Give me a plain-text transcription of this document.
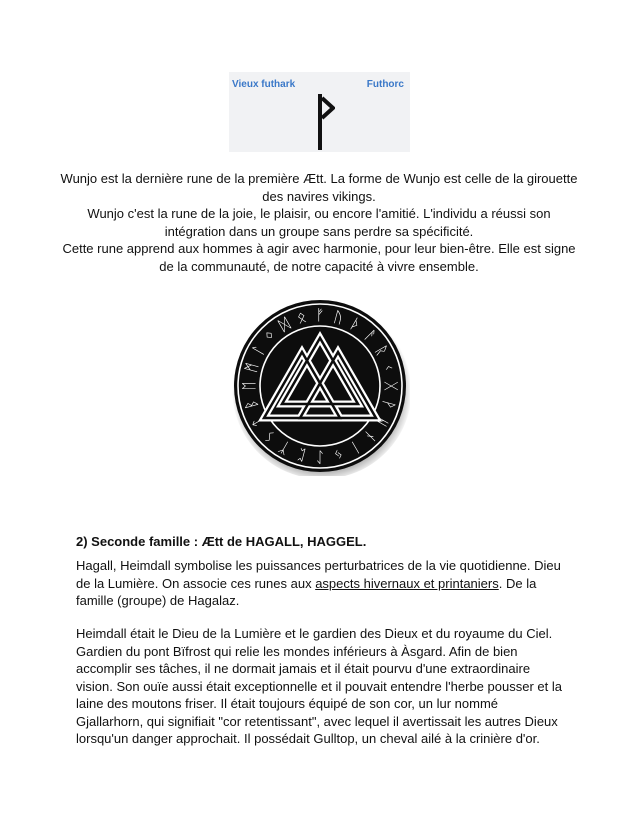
Vieux futhark	Futhorc

Wunjo est la dernière rune de la première Ætt. La forme de Wunjo est celle de la girouette des navires vikings.

Wunjo c'est la rune de la joie, le plaisir, ou encore l'amitié. L'individu a réussi son intégration dans un groupe sans perdre sa spécificité.

Cette rune apprend aux hommes à agir avec harmonie, pour leur bien-être. Elle est signe de la communauté, de notre capacité à vivre ensemble.

ᚠ ᚢ ᚦ
ᚨ
ᚱ
ᚲ
ᚷ
ᚹ
ᚺ
ᚾ
ᛁ
ᛃ
ᛇ
ᛈ
ᛉ
ᛊ
ᛏ
ᛒ
ᛖ
ᛗ
ᛚ
ᛜ
ᛞ ᛟ
2) Seconde famille : Ætt de HAGALL, HAGGEL.

Hagall, Heimdall symbolise les puissances perturbatrices de la vie quotidienne. Dieu de la Lumière. On associe ces runes aux aspects hivernaux et printaniers. De la famille (groupe) de Hagalaz.

Heimdall était le Dieu de la Lumière et le gardien des Dieux et du royaume du Ciel. Gardien du pont Bïfrost qui relie les mondes inférieurs à Àsgard. Afin de bien accomplir ses tâches, il ne dormait jamais et il était pourvu d'une extraordinaire vision. Son ouïe aussi était exceptionnelle et il pouvait entendre l'herbe pousser et la laine des moutons friser. Il était toujours équipé de son cor, un lur nommé Gjallarhorn, qui signifiait "cor retentissant", avec lequel il avertissait les autres Dieux lorsqu'un danger approchait. Il possédait Gulltop, un cheval ailé à la crinière d'or.
